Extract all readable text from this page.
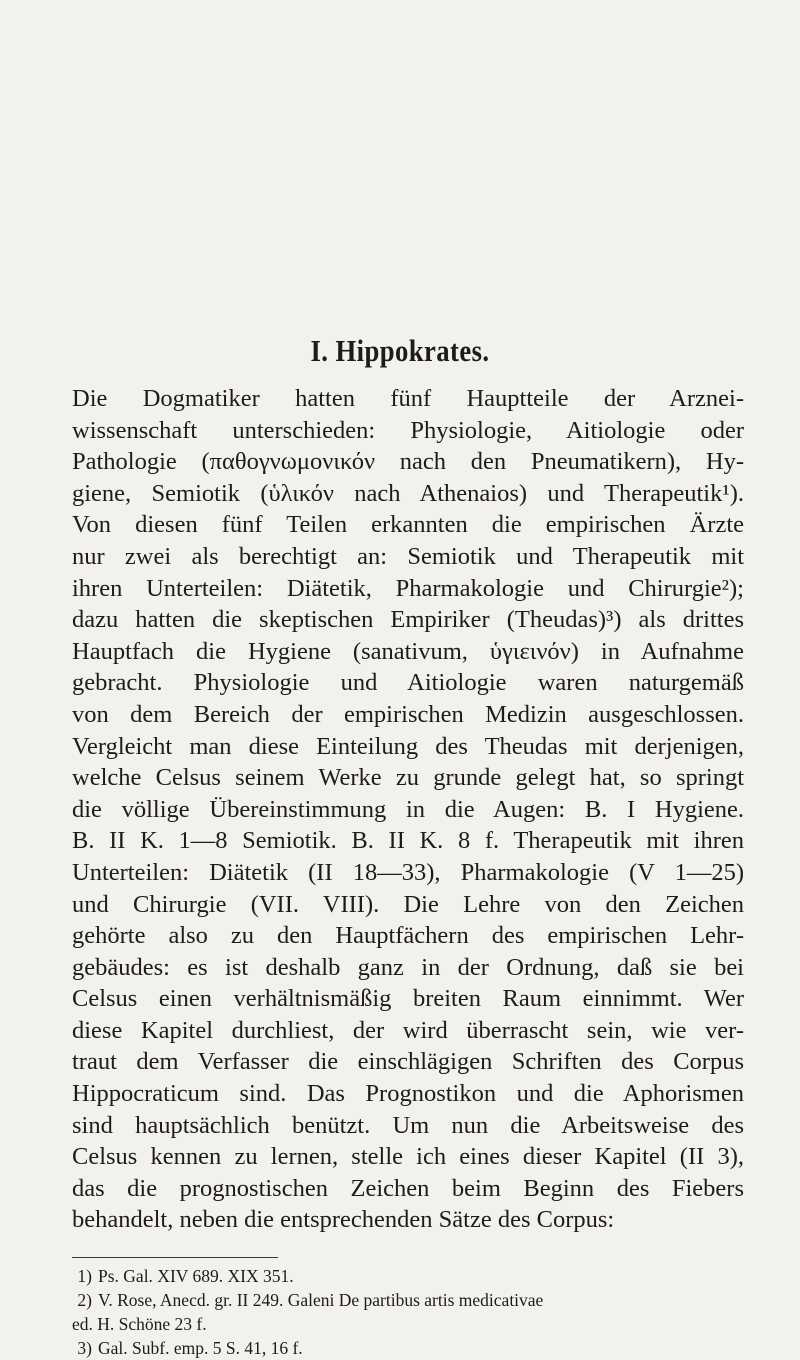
I. Hippokrates.
Die Dogmatiker hatten fünf Hauptteile der Arznei-
wissenschaft unterschieden: Physiologie, Aitiologie oder
Pathologie (παθογνωμονικόν nach den Pneumatikern), Hy-
giene, Semiotik (ὑλικόν nach Athenaios) und Therapeutik¹).
Von diesen fünf Teilen erkannten die empirischen Ärzte
nur zwei als berechtigt an: Semiotik und Therapeutik mit
ihren Unterteilen: Diätetik, Pharmakologie und Chirurgie²);
dazu hatten die skeptischen Empiriker (Theudas)³) als drittes
Hauptfach die Hygiene (sanativum, ὑγιεινόν) in Aufnahme
gebracht. Physiologie und Aitiologie waren naturgemäß
von dem Bereich der empirischen Medizin ausgeschlossen.
Vergleicht man diese Einteilung des Theudas mit derjenigen,
welche Celsus seinem Werke zu grunde gelegt hat, so springt
die völlige Übereinstimmung in die Augen: B. I Hygiene.
B. II K. 1—8 Semiotik. B. II K. 8 f. Therapeutik mit ihren
Unterteilen: Diätetik (II 18—33), Pharmakologie (V 1—25)
und Chirurgie (VII. VIII). Die Lehre von den Zeichen
gehörte also zu den Hauptfächern des empirischen Lehr-
gebäudes: es ist deshalb ganz in der Ordnung, daß sie bei
Celsus einen verhältnismäßig breiten Raum einnimmt. Wer
diese Kapitel durchliest, der wird überrascht sein, wie ver-
traut dem Verfasser die einschlägigen Schriften des Corpus
Hippocraticum sind. Das Prognostikon und die Aphorismen
sind hauptsächlich benützt. Um nun die Arbeitsweise des
Celsus kennen zu lernen, stelle ich eines dieser Kapitel (II 3),
das die prognostischen Zeichen beim Beginn des Fiebers
behandelt, neben die entsprechenden Sätze des Corpus:
1) Ps. Gal. XIV 689. XIX 351.
2) V. Rose, Anecd. gr. II 249. Galeni De partibus artis medicativae
ed. H. Schöne 23 f.
3) Gal. Subf. emp. 5 S. 41, 16 f.
